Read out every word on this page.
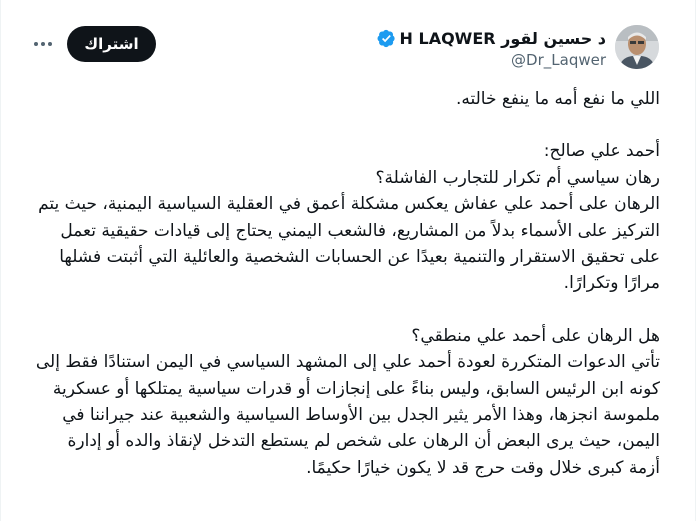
H LAQWER د حسين لقور
@Dr_Laqwer
اشتراك

اللي ما نفع أمه ما ينفع خالته.

أحمد علي صالح:

رهان سياسي أم تكرار للتجارب الفاشلة؟

الرهان على أحمد علي عفاش يعكس مشكلة أعمق في العقلية السياسية اليمنية، حيث يتم التركيز على الأسماء بدلاً من المشاريع، فالشعب اليمني يحتاج إلى قيادات حقيقية تعمل على تحقيق الاستقرار والتنمية بعيدًا عن الحسابات الشخصية والعائلية التي أثبتت فشلها مرارًا وتكرارًا.

هل الرهان على أحمد علي منطقي؟

تأتي الدعوات المتكررة لعودة أحمد علي إلى المشهد السياسي في اليمن استنادًا فقط إلى كونه ابن الرئيس السابق، وليس بناءً على إنجازات أو قدرات سياسية يمتلكها أو عسكرية ملموسة انجزها، وهذا الأمر يثير الجدل بين الأوساط السياسية والشعبية عند جيراننا في اليمن، حيث يرى البعض أن الرهان على شخص لم يستطع التدخل لإنقاذ والده أو إدارة أزمة كبرى خلال وقت حرج قد لا يكون خيارًا حكيمًا.
